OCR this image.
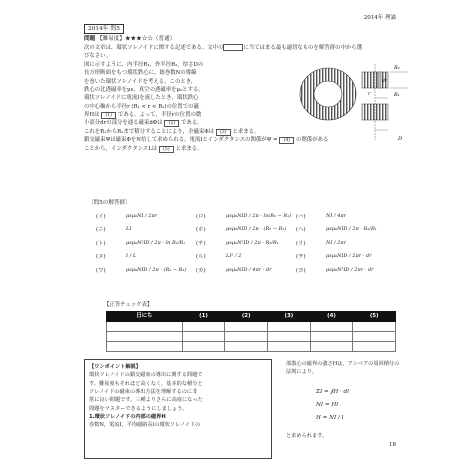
2014年 理論
2014年 問5
問題 【難易度】★★★☆☆（普通）

次の文章は，環状ソレノイドに関する記述である。文中の	に当てはまる最も適切なものを解答群の中から選びなさい。

図に示すように，内半径R₁，外半径R₂，厚さDの

長方形断面をもつ環状鉄心に，総巻数Nの導線

を巻いた環状ソレノイドを考える。このとき，

鉄心の比透磁率をμs，真空の透磁率をμ₀とする。

環状ソレノイドに電流Iを流したとき，環状鉄心

の中心軸から半径r (R₁ < r < R₂)の位置での磁

界Hは (1) である。よって，半径rの位置の微

小部分drの部分を通る磁束dΦは (2) である。

これをR₁からR₂まで積分することにより，全磁束Φは (3) と求まる。

鎖交磁束Ψは磁束ΦをN倍して求められる。電流Iとインダクタンスの関係がΨ = (4) の関係がある

ことから，インダクタンスLは (5) と求まる。

R₂
R₁
r
dr
D
〔問5の解答群〕
(イ)	μsμ₀NI / 2πr	(ロ)	μsμ₀NID / 2π · ln(R₂ − R₁) (ハ)	NI / 4πr
(ニ)	LI	(ホ)	μsμ₀NID / 2π · (R₂ − R₁) (ヘ)	μsμ₀NID / 2π · R₂/R₁
(ト)	μsμ₀N²ID / 2π · ln R₂/R₁ (チ)	μsμ₀N²ID / 2π · R₂/R₁	(リ)	NI / 2πr
(ヌ)	I / L	(ル)	LI² / 2	(ヲ)	μsμ₀NID / 2πr · dr
(ワ)	μsμ₀NID / 2π · (R₂ − R₁) (カ)	μsμ₀NID / 4πr · dr	(ヨ)	μsμ₀N²ID / 2πr · dr
【正答チェック表】
日にち	(1)	(2)	(3)	(4)	(5)

【ワンポイント解説】

環状ソレノイドの鎖交磁束の導出に関する問題で

す。難易度もそれほど高くなく，基本的な積分と

ソレノイドの磁束の導出方法を理解するのに非

常に良い問題です。三種よりさらに高度になった

問題をマスターできるようにしましょう。

1.環状ソレノイドの内部の磁界H

巻数N，電流I，平均磁路長lの環状ソレノイドの

部散心の磁界の強さHは，アンペアの周回積分の

法則により，

ΣI = ∮H · dl
NI = Hl
H = NI / l

と求められます。

18
